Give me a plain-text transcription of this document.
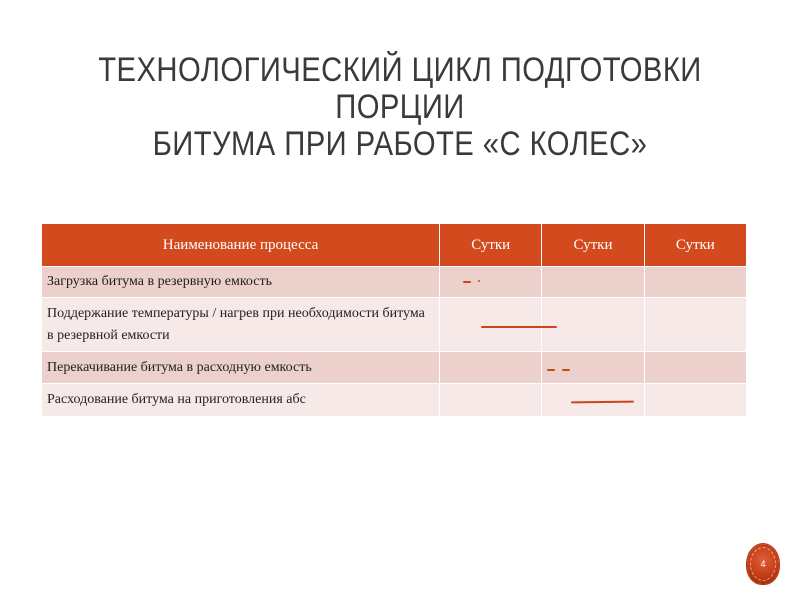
ТЕХНОЛОГИЧЕСКИЙ ЦИКЛ ПОДГОТОВКИ ПОРЦИИ
БИТУМА ПРИ РАБОТЕ «С КОЛЕС»
Наименование процесса	Сутки	Сутки	Сутки
Загрузка битума в резервную емкость			
Поддержание температуры / нагрев при необходимости битума в резервной емкости			
Перекачивание битума в расходную емкость			
Расходование битума на приготовления абс			
4
